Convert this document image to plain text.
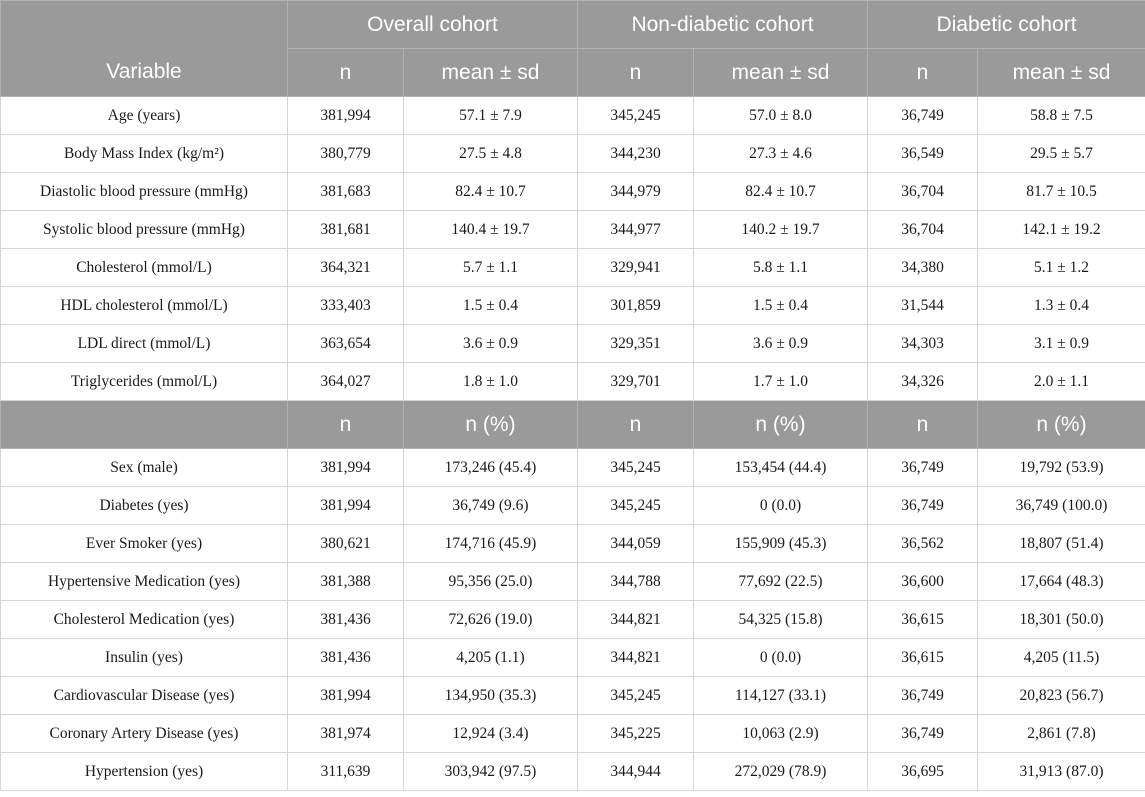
Variable	Overall cohort		Non-diabetic cohort		Diabetic cohort	
	n	mean ± sd	n	mean ± sd	n	mean ± sd
Age (years)	381,994	57.1 ± 7.9	345,245	57.0 ± 8.0	36,749	58.8 ± 7.5
Body Mass Index (kg/m²)	380,779	27.5 ± 4.8	344,230	27.3 ± 4.6	36,549	29.5 ± 5.7
Diastolic blood pressure (mmHg)	381,683	82.4 ± 10.7	344,979	82.4 ± 10.7	36,704	81.7 ± 10.5
Systolic blood pressure (mmHg)	381,681	140.4 ± 19.7	344,977	140.2 ± 19.7	36,704	142.1 ± 19.2
Cholesterol (mmol/L)	364,321	5.7 ± 1.1	329,941	5.8 ± 1.1	34,380	5.1 ± 1.2
HDL cholesterol (mmol/L)	333,403	1.5 ± 0.4	301,859	1.5 ± 0.4	31,544	1.3 ± 0.4
LDL direct (mmol/L)	363,654	3.6 ± 0.9	329,351	3.6 ± 0.9	34,303	3.1 ± 0.9
Triglycerides (mmol/L)	364,027	1.8 ± 1.0	329,701	1.7 ± 1.0	34,326	2.0 ± 1.1
	n	n (%)	n	n (%)	n	n (%)
Sex (male)	381,994	173,246 (45.4)	345,245	153,454 (44.4)	36,749	19,792 (53.9)
Diabetes (yes)	381,994	36,749 (9.6)	345,245	0 (0.0)	36,749	36,749 (100.0)
Ever Smoker (yes)	380,621	174,716 (45.9)	344,059	155,909 (45.3)	36,562	18,807 (51.4)
Hypertensive Medication (yes)	381,388	95,356 (25.0)	344,788	77,692 (22.5)	36,600	17,664 (48.3)
Cholesterol Medication (yes)	381,436	72,626 (19.0)	344,821	54,325 (15.8)	36,615	18,301 (50.0)
Insulin (yes)	381,436	4,205 (1.1)	344,821	0 (0.0)	36,615	4,205 (11.5)
Cardiovascular Disease (yes)	381,994	134,950 (35.3)	345,245	114,127 (33.1)	36,749	20,823 (56.7)
Coronary Artery Disease (yes)	381,974	12,924 (3.4)	345,225	10,063 (2.9)	36,749	2,861 (7.8)
Hypertension (yes)	311,639	303,942 (97.5)	344,944	272,029 (78.9)	36,695	31,913 (87.0)
